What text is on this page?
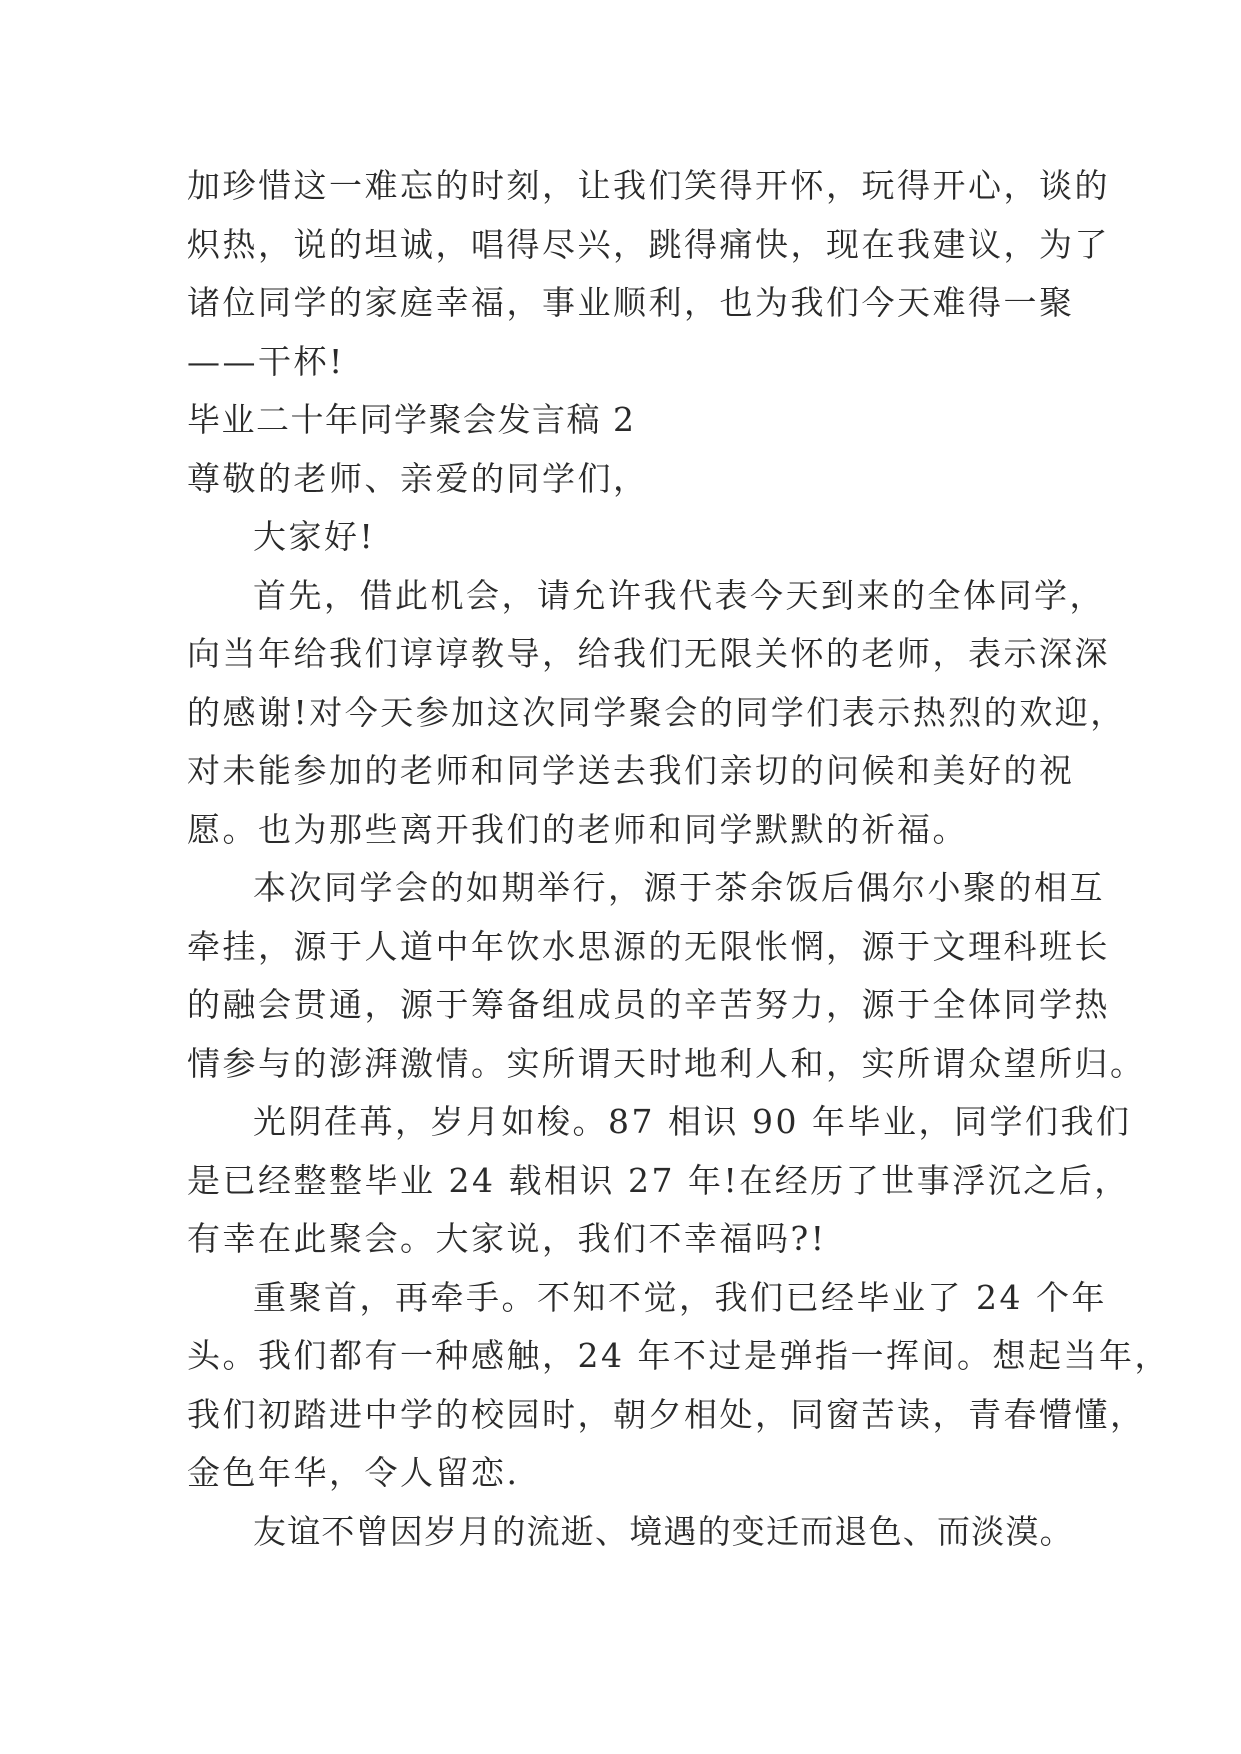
加珍惜这一难忘的时刻，让我们笑得开怀，玩得开心，谈的
炽热，说的坦诚，唱得尽兴，跳得痛快，现在我建议，为了
诸位同学的家庭幸福，事业顺利，也为我们今天难得一聚
——干杯!
毕业二十年同学聚会发言稿 2
尊敬的老师、亲爱的同学们，
大家好!
首先，借此机会，请允许我代表今天到来的全体同学，
向当年给我们谆谆教导，给我们无限关怀的老师，表示深深
的感谢!对今天参加这次同学聚会的同学们表示热烈的欢迎，
对未能参加的老师和同学送去我们亲切的问候和美好的祝
愿。也为那些离开我们的老师和同学默默的祈福。
本次同学会的如期举行，源于茶余饭后偶尔小聚的相互
牵挂，源于人道中年饮水思源的无限怅惘，源于文理科班长
的融会贯通，源于筹备组成员的辛苦努力，源于全体同学热
情参与的澎湃激情。实所谓天时地利人和，实所谓众望所归。
光阴荏苒，岁月如梭。87 相识 90 年毕业，同学们我们
是已经整整毕业 24 载相识 27 年!在经历了世事浮沉之后，
有幸在此聚会。大家说，我们不幸福吗?!
重聚首，再牵手。不知不觉，我们已经毕业了 24 个年
头。我们都有一种感触，24 年不过是弹指一挥间。想起当年，
我们初踏进中学的校园时，朝夕相处，同窗苦读，青春懵懂，
金色年华，令人留恋.
友谊不曾因岁月的流逝、境遇的变迁而退色、而淡漠。
